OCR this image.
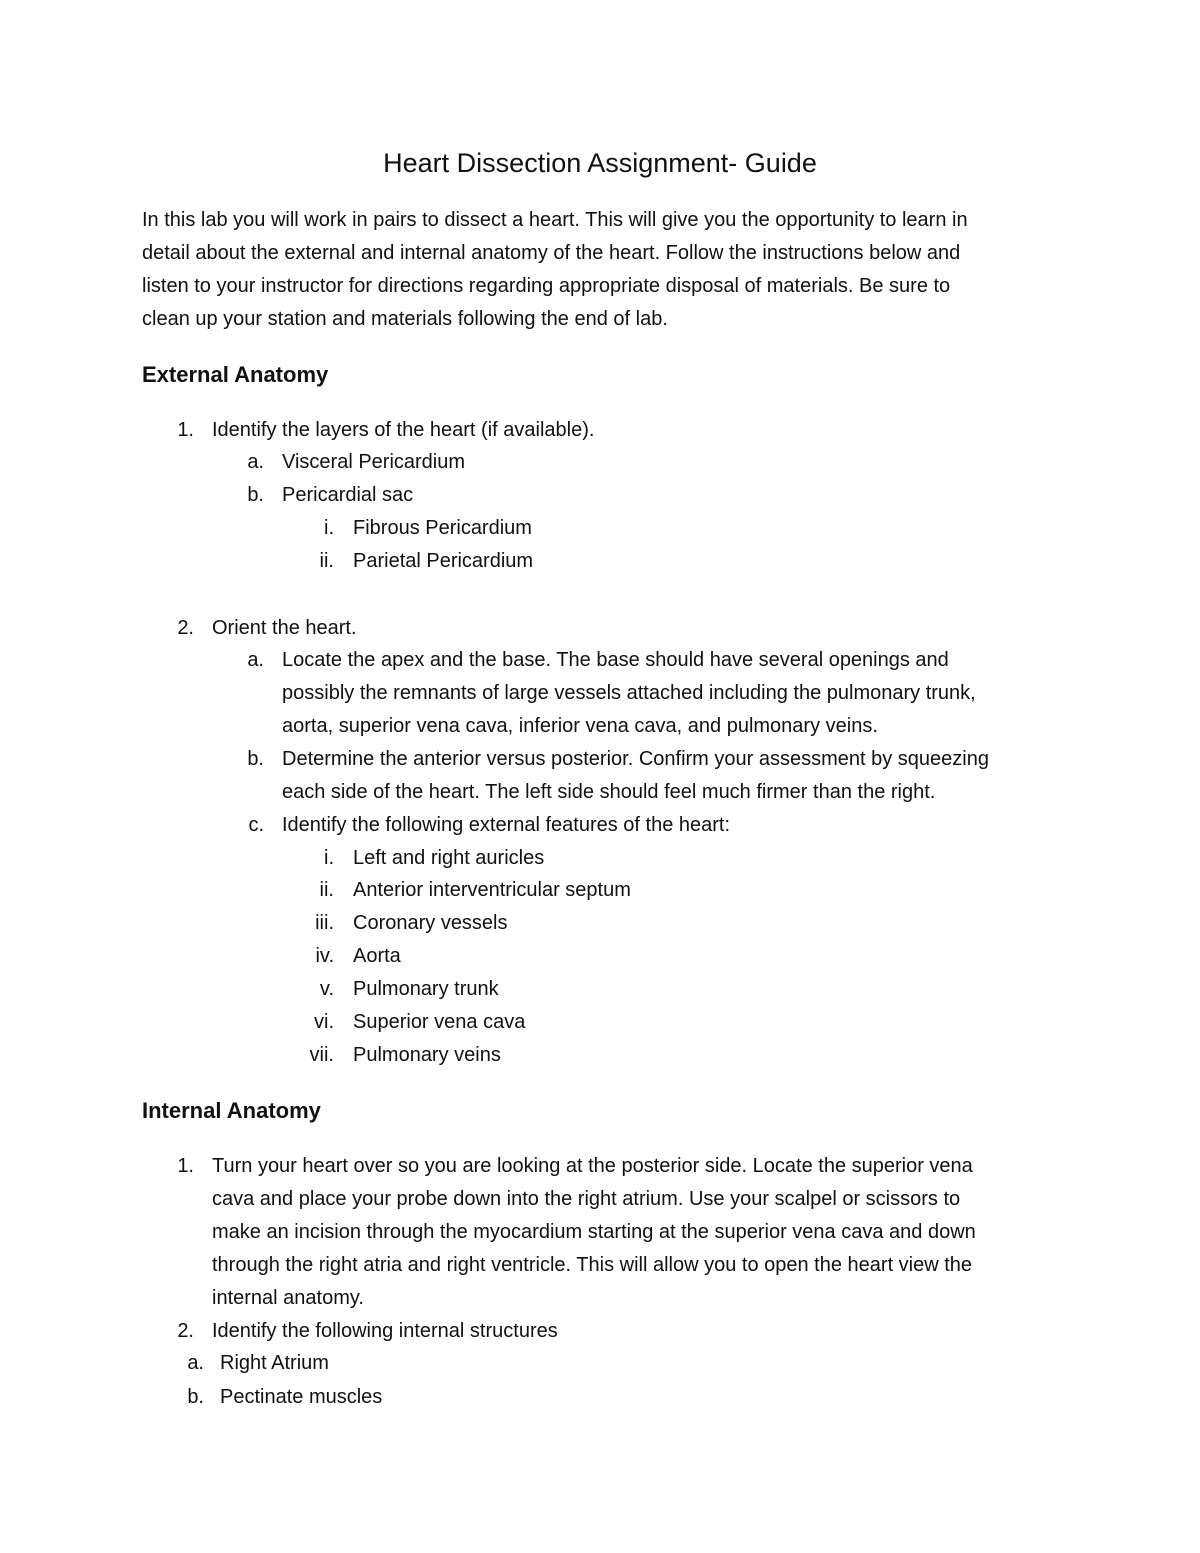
Heart Dissection Assignment- Guide

In this lab you will work in pairs to dissect a heart. This will give you the opportunity to learn in
detail about the external and internal anatomy of the heart. Follow the instructions below and
listen to your instructor for directions regarding appropriate disposal of materials. Be sure to
clean up your station and materials following the end of lab.

External Anatomy
1. Identify the layers of the heart (if available).
a. Visceral Pericardium
b. Pericardial sac
i. Fibrous Pericardium
ii. Parietal Pericardium
2. Orient the heart.
a. Locate the apex and the base. The base should have several openings and
possibly the remnants of large vessels attached including the pulmonary trunk,
aorta, superior vena cava, inferior vena cava, and pulmonary veins.
b. Determine the anterior versus posterior. Confirm your assessment by squeezing
each side of the heart. The left side should feel much firmer than the right.
c. Identify the following external features of the heart:
i. Left and right auricles
ii. Anterior interventricular septum
iii. Coronary vessels
iv. Aorta
v. Pulmonary trunk
vi. Superior vena cava
vii. Pulmonary veins
Internal Anatomy
1. Turn your heart over so you are looking at the posterior side. Locate the superior vena
cava and place your probe down into the right atrium. Use your scalpel or scissors to
make an incision through the myocardium starting at the superior vena cava and down
through the right atria and right ventricle. This will allow you to open the heart view the
internal anatomy.
2. Identify the following internal structures
a. Right Atrium
b. Pectinate muscles
